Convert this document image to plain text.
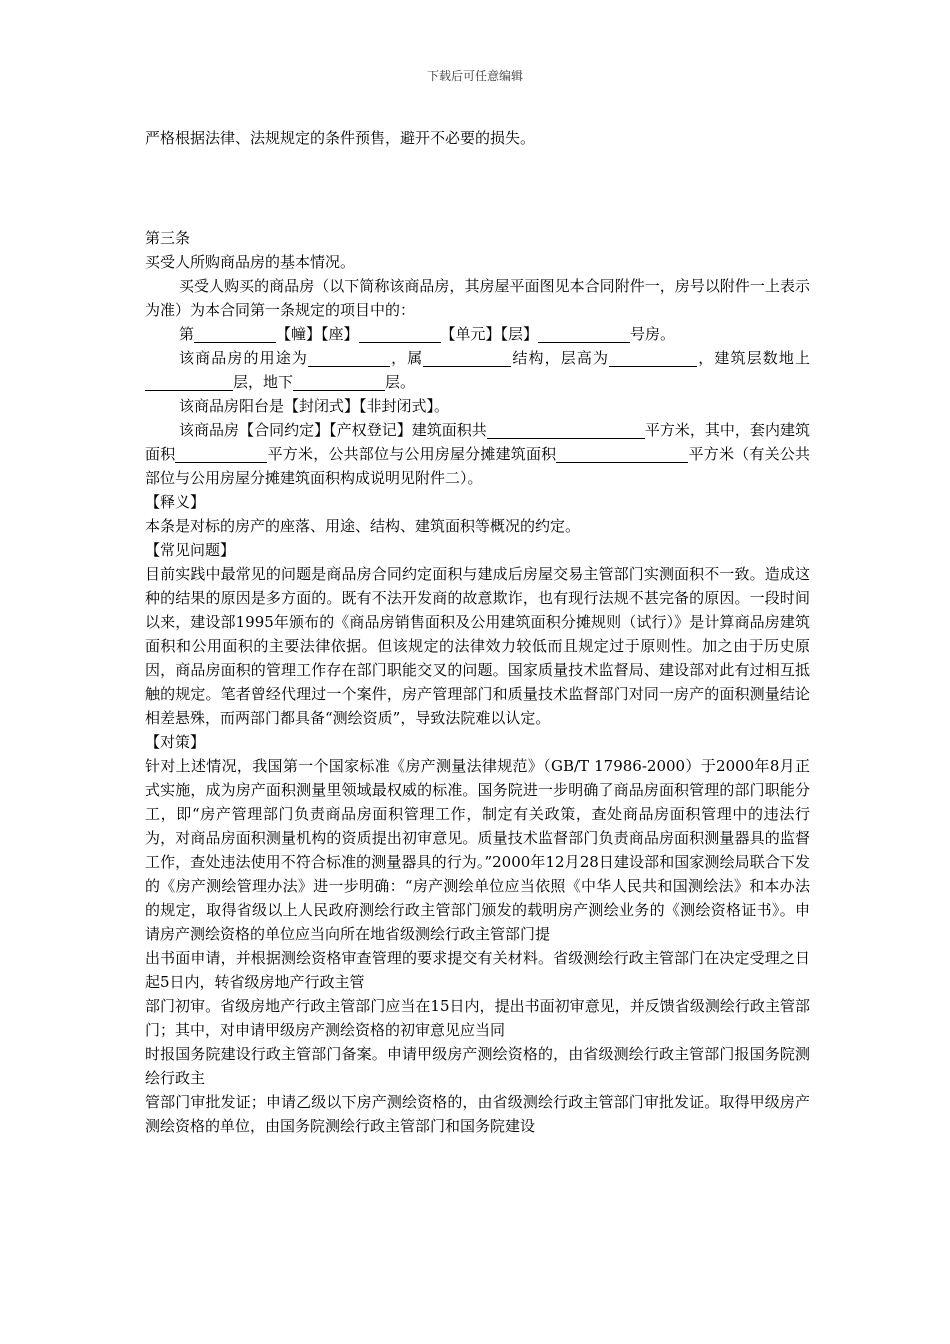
下载后可任意编辑

严格根据法律、法规规定的条件预售，避开不必要的损失。

第三条

买受人所购商品房的基本情况。

买受人购买的商品房（以下简称该商品房，其房屋平面图见本合同附件一，房号以附件一上表示为准）为本合同第一条规定的项目中的：

第	【幢】【座】	【单元】【层】	号房。

该商品房的用途为	，属	结构，层高为	，建筑层数地上层，地下	层。

该商品房阳台是【封闭式】【非封闭式】。

该商品房【合同约定】【产权登记】建筑面积共	平方米，其中，套内建筑面积	平方米，公共部位与公用房屋分摊建筑面积	平方米（有关公共部位与公用房屋分摊建筑面积构成说明见附件二）。

【释义】

本条是对标的房产的座落、用途、结构、建筑面积等概况的约定。

【常见问题】

目前实践中最常见的问题是商品房合同约定面积与建成后房屋交易主管部门实测面积不一致。造成这种的结果的原因是多方面的。既有不法开发商的故意欺诈，也有现行法规不甚完备的原因。一段时间以来，建设部1995年颁布的《商品房销售面积及公用建筑面积分摊规则（试行）》是计算商品房建筑面积和公用面积的主要法律依据。但该规定的法律效力较低而且规定过于原则性。加之由于历史原因，商品房面积的管理工作存在部门职能交叉的问题。国家质量技术监督局、建设部对此有过相互抵触的规定。笔者曾经代理过一个案件，房产管理部门和质量技术监督部门对同一房产的面积测量结论相差悬殊，而两部门都具备“测绘资质”，导致法院难以认定。

【对策】

针对上述情况，我国第一个国家标准《房产测量法律规范》（GB/T 17986-2000）于2000年8月正式实施，成为房产面积测量里领域最权威的标准。国务院进一步明确了商品房面积管理的部门职能分工，即“房产管理部门负责商品房面积管理工作，制定有关政策，查处商品房面积管理中的违法行为，对商品房面积测量机构的资质提出初审意见。质量技术监督部门负责商品房面积测量器具的监督工作，查处违法使用不符合标准的测量器具的行为。”2000年12月28日建设部和国家测绘局联合下发的《房产测绘管理办法》进一步明确：“房产测绘单位应当依照《中华人民共和国测绘法》和本办法的规定，取得省级以上人民政府测绘行政主管部门颁发的载明房产测绘业务的《测绘资格证书》。申请房产测绘资格的单位应当向所在地省级测绘行政主管部门提

出书面申请，并根据测绘资格审查管理的要求提交有关材料。省级测绘行政主管部门在决定受理之日起5日内，转省级房地产行政主管

部门初审。省级房地产行政主管部门应当在15日内，提出书面初审意见，并反馈省级测绘行政主管部门；其中，对申请甲级房产测绘资格的初审意见应当同

时报国务院建设行政主管部门备案。申请甲级房产测绘资格的，由省级测绘行政主管部门报国务院测绘行政主

管部门审批发证；申请乙级以下房产测绘资格的，由省级测绘行政主管部门审批发证。取得甲级房产测绘资格的单位，由国务院测绘行政主管部门和国务院建设
